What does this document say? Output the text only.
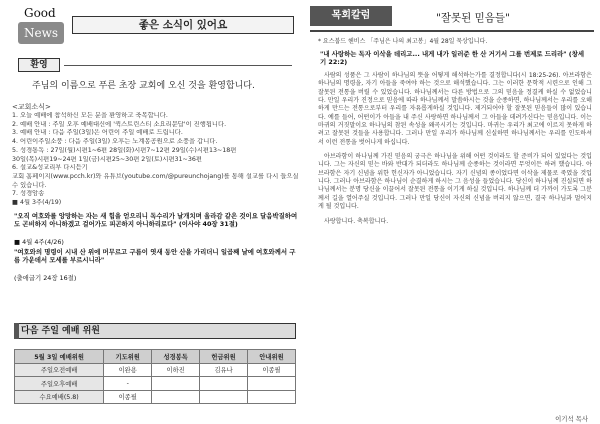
Good
News
좋은 소식이 있어요
환영
주님의 이름으로 푸른 초장 교회에 오신 것을 환영합니다.
<교회소식>
1. 오늘 예배에 참석하신 모든 분을 환영하고 축복합니다.
2. 예배 안내 : 주일 오후 예배대신에 '퀵스트린스티 소요리문답'이 진행됩니다.
3. 예배 안내 : 다음 주일(3일)은 어린이 주일 예배로 드립니다.
4. 어린이주일소풍 : 다음 주일(3일) 오후는 노계봉공원으로 소풍을 갑니다.
5. 성경통독 : 27일(월)시편1~6편 28일(화)시편7~12편 29일(수)시편13~18편
30일(목)시편19~24편 1일(금)시편25~30편 2일(토)시편31~36편
6. 설교&성교리부 다시듣기
교회 홈페이지(www.pcch.kr)와 유튜브(youtube.com/@pureunchojang)를 통해 설교를 다시 들으실 수 있습니다.
7. 성경암송
■ 4월 3주(4/19)
"오직 여호와를 앙망하는 자는 새 힘을 얻으리니 독수리가 날개치며 올라감 같은 것이요 달음박질하여도 곤비하지 아니하겠고 걸어가도 피곤하지 아니하리로다" (이사야 40장 31절)
■ 4월 4주(4/26)
"여호와의 명령이 시내 산 위에 머무르고 구름이 엿새 동안 산을 가리더니 일곱째 날에 여호와께서 구름 가운데서 모세를 부르시니라"
(출애굽기 24장 16절)
다음 주일 예배 위원
5월 3일 예배위원	기도위원	성경봉독	헌금위원	안내위원
주일오전예배	이완용	이하진	김유나	이종필
주일오후예배	-			
수요예배(5.8)	이종필			
목회칼럼	"잘못된 믿음들"
* 요스붑드 헨비스 「주님은 나의 최고봉」4월 28일 묵상입니다.
"내 사랑하는 독자 이삭을 데리고... 내게 내가 일러준 한 산 거기서 그를 번제로 드리라" (창세기 22:2)

사람의 성품은 그 사람이 하나님의 뜻을 어떻게 해석하는가를 결정합니다(시 18:25-26). 아브라함은 하나님의 명령을, 자기 아들을 죽여야 하는 것으로 해석했습니다. 그는 이러한 문학적 시련으로 인해 그 잘못된 전통을 버릴 수 있었습니다. 하나님께서는 다른 방법으로 그의 믿음을 정결케 하실 수 없었습니다. 만일 우리가 진정으로 믿음에 따라 하나님께서 말씀하시는 것을 순종하면, 하나님께서는 우리를 오해하게 만드는 전통으로부터 우리를 자유롭게하실 것입니다. 제거되어야 할 잘못된 믿음들이 많이 있습니다. 예를 들어, 어떤이가 아들을 내 주신 사랑하면 하나님께서 그 아들을 데려가신다는 믿음입니다. 이는 마귀의 거짓말이요 하나님의 참된 속성을 왜곡시키는 것입니다. 마귀는 우리가 최고에 이르지 못하게 하려고 잘못된 것들을 사용합니다. 그러나 만일 우리가 하나님께 신실하면 하나님께서는 우리를 인도하셔서 이런 전통을 벗어나게 하십니다.

아브라함이 하나님께 가진 믿음의 궁극은 하나님을 위해 어떤 것이라도 할 준비가 되어 있었다는 것입니다. 그는 자신의 믿는 바와 반대가 되더라도 하나님께 순종하는 것이라면 무엇이든 하려 했습니다. 아브라함은 자기 신념을 위한 헌신자가 아니었습니다. 자기 신념의 종이었다면 이삭을 제물로 죽였을 것입니다. 그러나 아브라함은 하나님이 순결하게 하시는 그 음성을 들었습니다. 당신이 하나님께 진실되면 하나님께서는 분명 당신을 이끌어서 잘못된 전통을 이기게 하실 것입니다. 하나님께 더 가까이 가도록 그분께서 길을 열어주실 것입니다. 그러나 만일 당신이 자신의 신념을 버리지 않으면, 결국 하나님과 멀어지게 될 것입니다.

사랑합니다. 축복합니다.

이기석 목사
